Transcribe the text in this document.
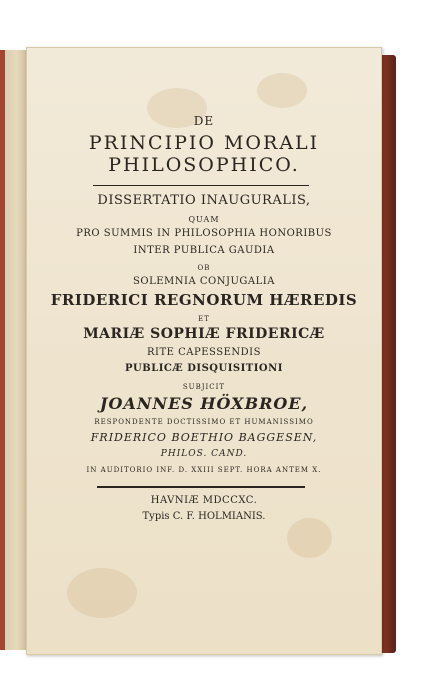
DE
PRINCIPIO MORALI
PHILOSOPHICO.
DISSERTATIO INAUGURALIS,
QUAM
PRO SUMMIS IN PHILOSOPHIA HONORIBUS
INTER PUBLICA GAUDIA
OB
SOLEMNIA CONJUGALIA
FRIDERICI REGNORUM HÆREDIS
ET
MARIÆ SOPHIÆ FRIDERICÆ
RITE CAPESSENDIS
PUBLICÆ DISQUISITIONI
SUBJICIT
JOANNES HÖXBROE,
RESPONDENTE DOCTISSIMO ET HUMANISSIMO
FRIDERICO BOETHIO BAGGESEN,
PHILOS. CAND.
IN AUDITORIO INF. D. XXIII SEPT. HORA ANTEM X.
HAVNIÆ MDCCXC.
Typis C. F. HOLMIANIS.
